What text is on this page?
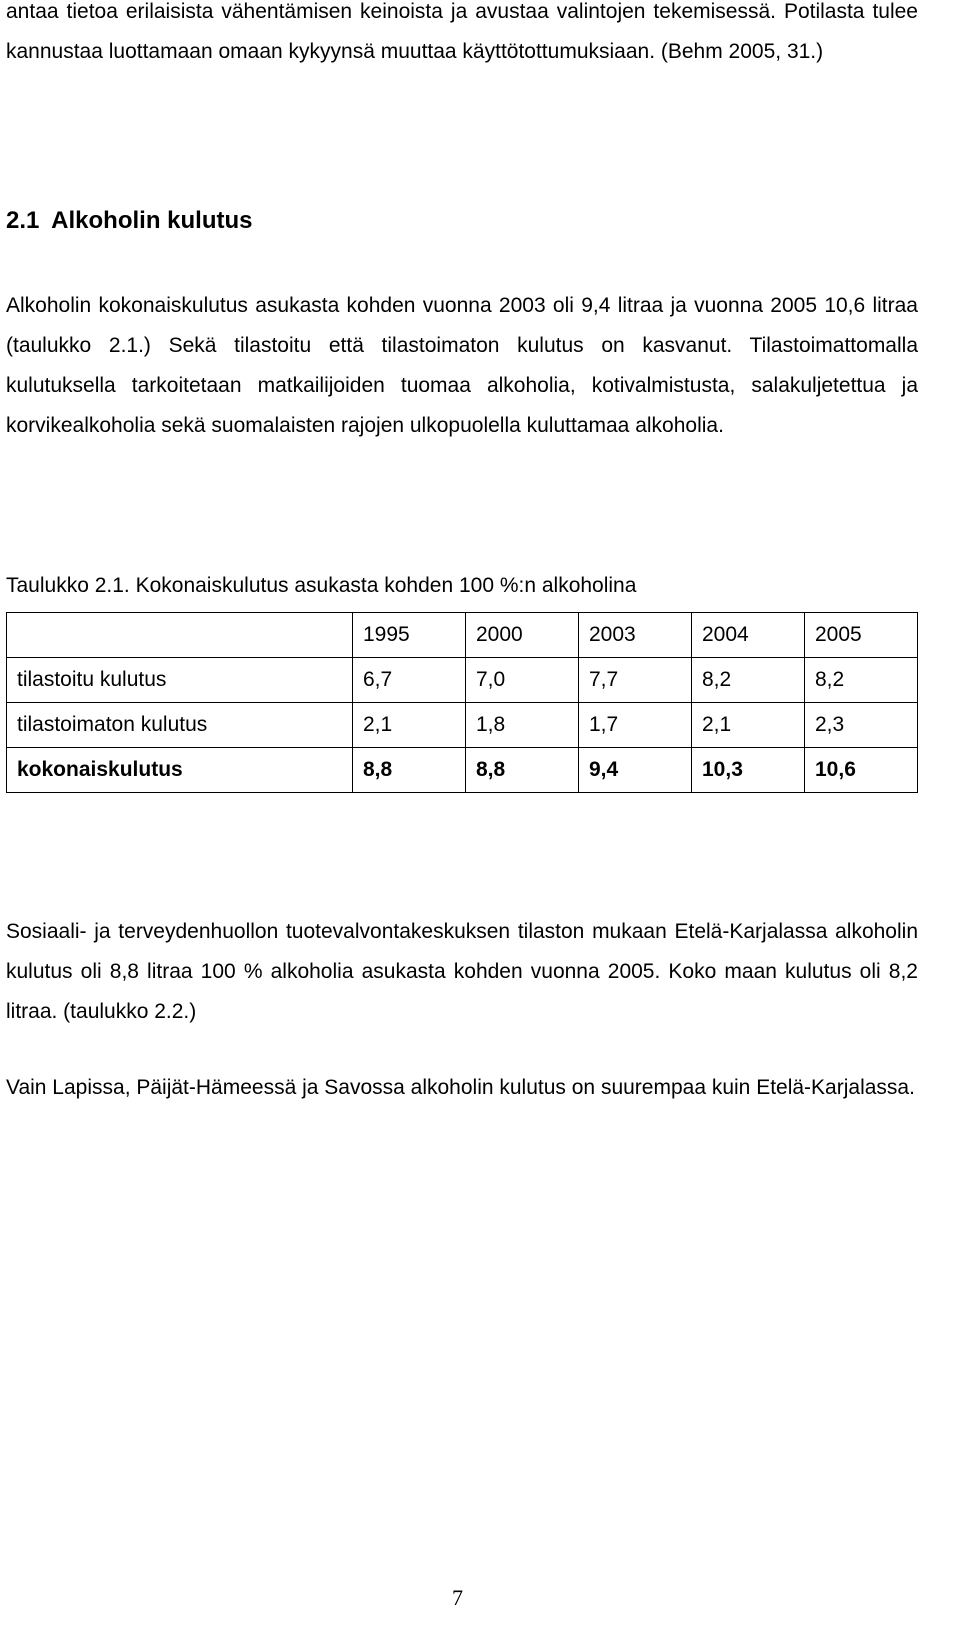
antaa tietoa erilaisista vähentämisen keinoista ja avustaa valintojen tekemisessä. Potilasta tulee kannustaa luottamaan omaan kykyynsä muuttaa käyttötottumuksiaan. (Behm 2005, 31.)

2.1 Alkoholin kulutus

Alkoholin kokonaiskulutus asukasta kohden vuonna 2003 oli 9,4 litraa ja vuonna 2005 10,6 litraa (taulukko 2.1.) Sekä tilastoitu että tilastoimaton kulutus on kasvanut. Tilastoimattomalla kulutuksella tarkoitetaan matkailijoiden tuomaa alkoholia, kotivalmistusta, salakuljetettua ja korvikealkoholia sekä suomalaisten rajojen ulkopuolella kuluttamaa alkoholia.

Taulukko 2.1. Kokonaiskulutus asukasta kohden 100 %:n alkoholina
	1995	2000	2003	2004	2005
tilastoitu kulutus	6,7	7,0	7,7	8,2	8,2
tilastoimaton kulutus	2,1	1,8	1,7	2,1	2,3
kokonaiskulutus	8,8	8,8	9,4	10,3	10,6

Sosiaali- ja terveydenhuollon tuotevalvontakeskuksen tilaston mukaan Etelä-Karjalassa alkoholin kulutus oli 8,8 litraa 100 % alkoholia asukasta kohden vuonna 2005. Koko maan kulutus oli 8,2 litraa. (taulukko 2.2.)

Vain Lapissa, Päijät-Hämeessä ja Savossa alkoholin kulutus on suurempaa kuin Etelä-Karjalassa.

7
